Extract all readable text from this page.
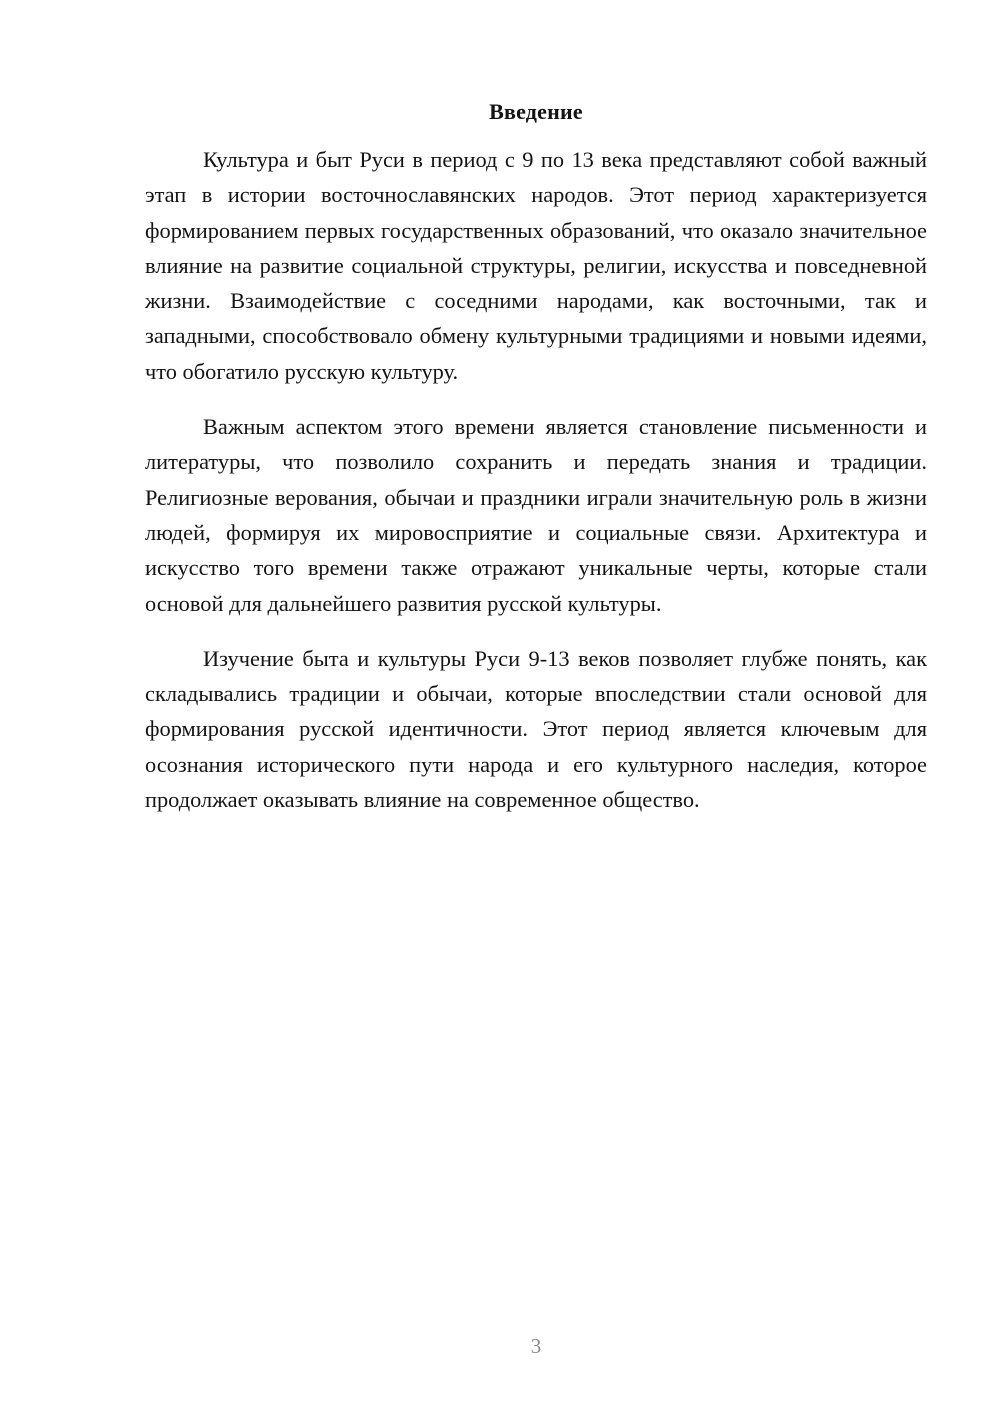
Введение

Культура и быт Руси в период с 9 по 13 века представляют собой важный этап в истории восточнославянских народов. Этот период характеризуется формированием первых государственных образований, что оказало значительное влияние на развитие социальной структуры, религии, искусства и повседневной жизни. Взаимодействие с соседними народами, как восточными, так и западными, способствовало обмену культурными традициями и новыми идеями, что обогатило русскую культуру.

Важным аспектом этого времени является становление письменности и литературы, что позволило сохранить и передать знания и традиции. Религиозные верования, обычаи и праздники играли значительную роль в жизни людей, формируя их мировосприятие и социальные связи. Архитектура и искусство того времени также отражают уникальные черты, которые стали основой для дальнейшего развития русской культуры.

Изучение быта и культуры Руси 9-13 веков позволяет глубже понять, как складывались традиции и обычаи, которые впоследствии стали основой для формирования русской идентичности. Этот период является ключевым для осознания исторического пути народа и его культурного наследия, которое продолжает оказывать влияние на современное общество.

3
